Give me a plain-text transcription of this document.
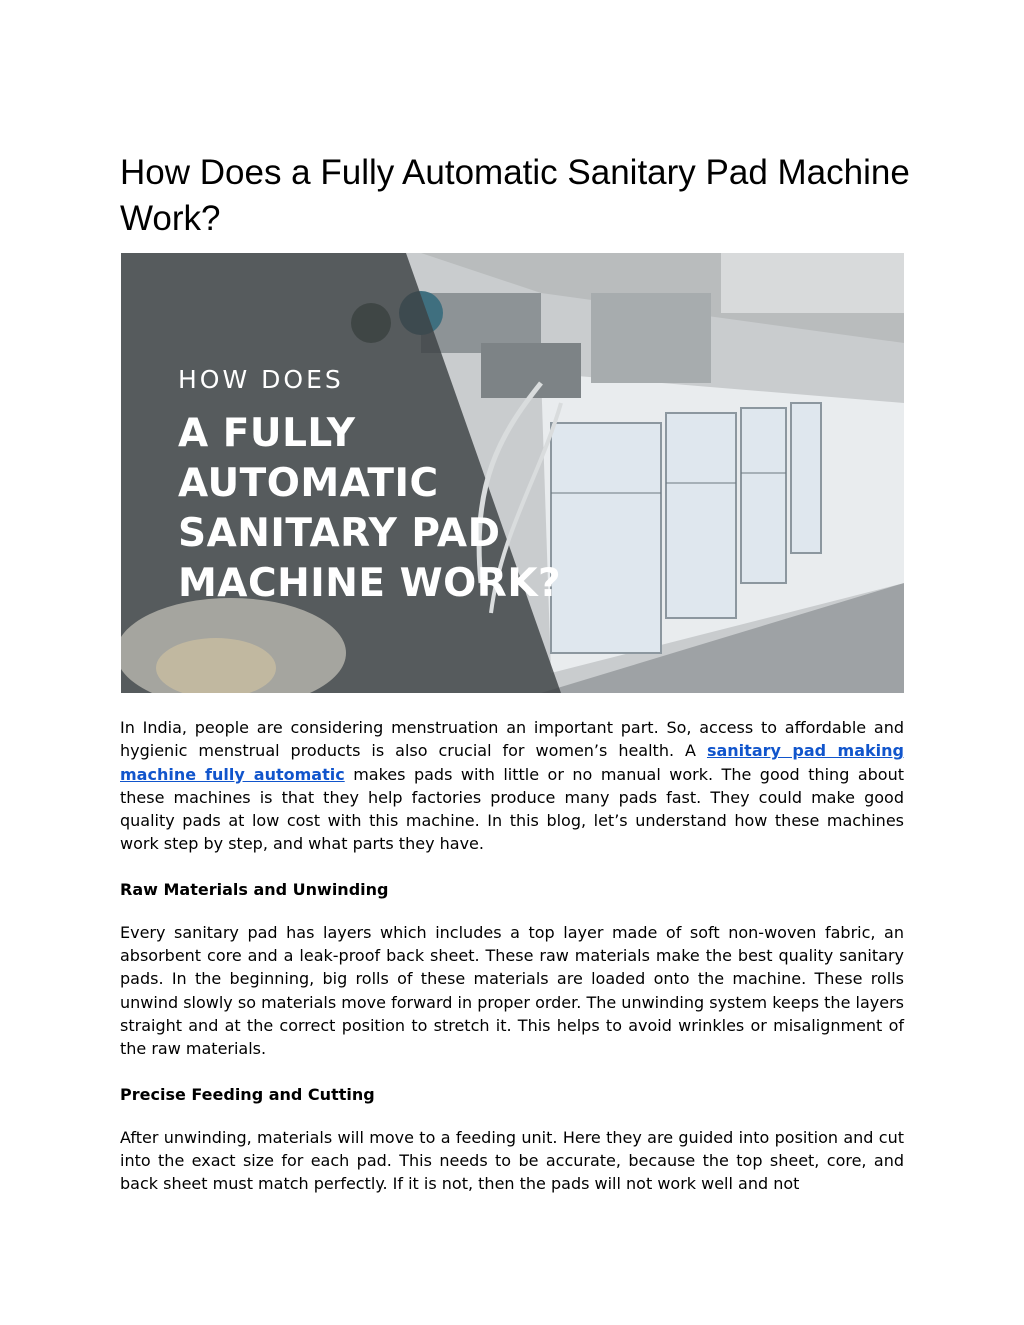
How Does a Fully Automatic Sanitary Pad Machine Work?
HOW DOES
A FULLY
AUTOMATIC
SANITARY PAD
MACHINE WORK?

In India, people are considering menstruation an important part. So, access to affordable and hygienic menstrual products is also crucial for women’s health. A sanitary pad making machine fully automatic makes pads with little or no manual work. The good thing about these machines is that they help factories produce many pads fast. They could make good quality pads at low cost with this machine. In this blog, let’s understand how these machines work step by step, and what parts they have.

Raw Materials and Unwinding

Every sanitary pad has layers which includes a top layer made of soft non-woven fabric, an absorbent core and a leak-proof back sheet. These raw materials make the best quality sanitary pads. In the beginning, big rolls of these materials are loaded onto the machine. These rolls unwind slowly so materials move forward in proper order. The unwinding system keeps the layers straight and at the correct position to stretch it. This helps to avoid wrinkles or misalignment of the raw materials.

Precise Feeding and Cutting

After unwinding, materials will move to a feeding unit. Here they are guided into position and cut into the exact size for each pad. This needs to be accurate, because the top sheet, core, and back sheet must match perfectly. If it is not, then the pads will not work well and not
